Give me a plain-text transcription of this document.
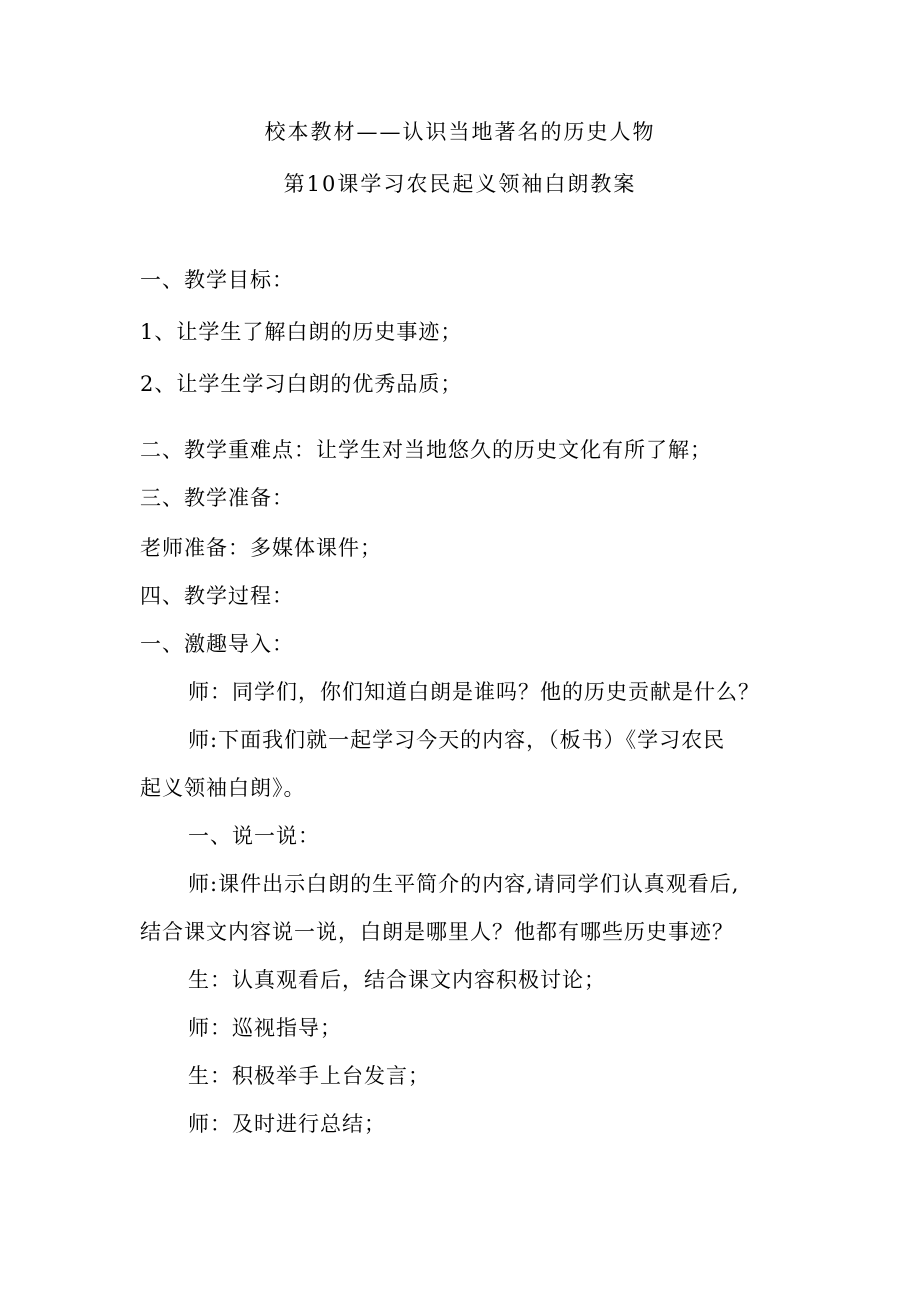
校本教材——认识当地著名的历史人物
第10课学习农民起义领袖白朗教案
一、教学目标：
1、让学生了解白朗的历史事迹；
2、让学生学习白朗的优秀品质；
二、教学重难点：让学生对当地悠久的历史文化有所了解；
三、教学准备：
老师准备：多媒体课件；
四、教学过程：
一、激趣导入：
师：同学们，你们知道白朗是谁吗？他的历史贡献是什么？
师:下面我们就一起学习今天的内容，（板书）《学习农民
起义领袖白朗》。
一、说一说：
师:课件出示白朗的生平简介的内容,请同学们认真观看后,
结合课文内容说一说，白朗是哪里人？他都有哪些历史事迹？
生：认真观看后，结合课文内容积极讨论；
师：巡视指导；
生：积极举手上台发言；
师：及时进行总结；
